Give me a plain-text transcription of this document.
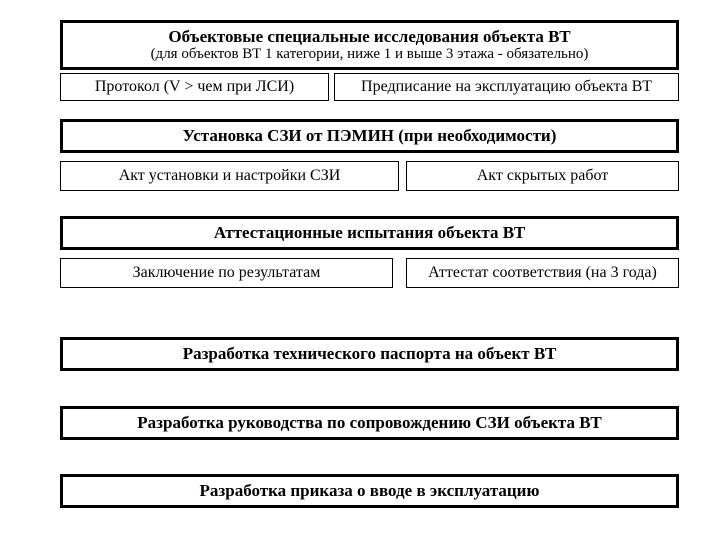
Объектовые специальные исследования объекта ВТ
(для объектов ВТ 1 категории, ниже 1 и выше 3 этажа - обязательно)
Протокол (V > чем при ЛСИ)	Предписание на эксплуатацию объекта ВТ
Установка СЗИ от ПЭМИН (при необходимости)
Акт установки и настройки СЗИ	Акт скрытых работ
Аттестационные испытания объекта ВТ
Заключение по результатам	Аттестат соответствия (на 3 года)
Разработка технического паспорта на объект ВТ
Разработка руководства по сопровождению СЗИ объекта ВТ
Разработка приказа о вводе в эксплуатацию
